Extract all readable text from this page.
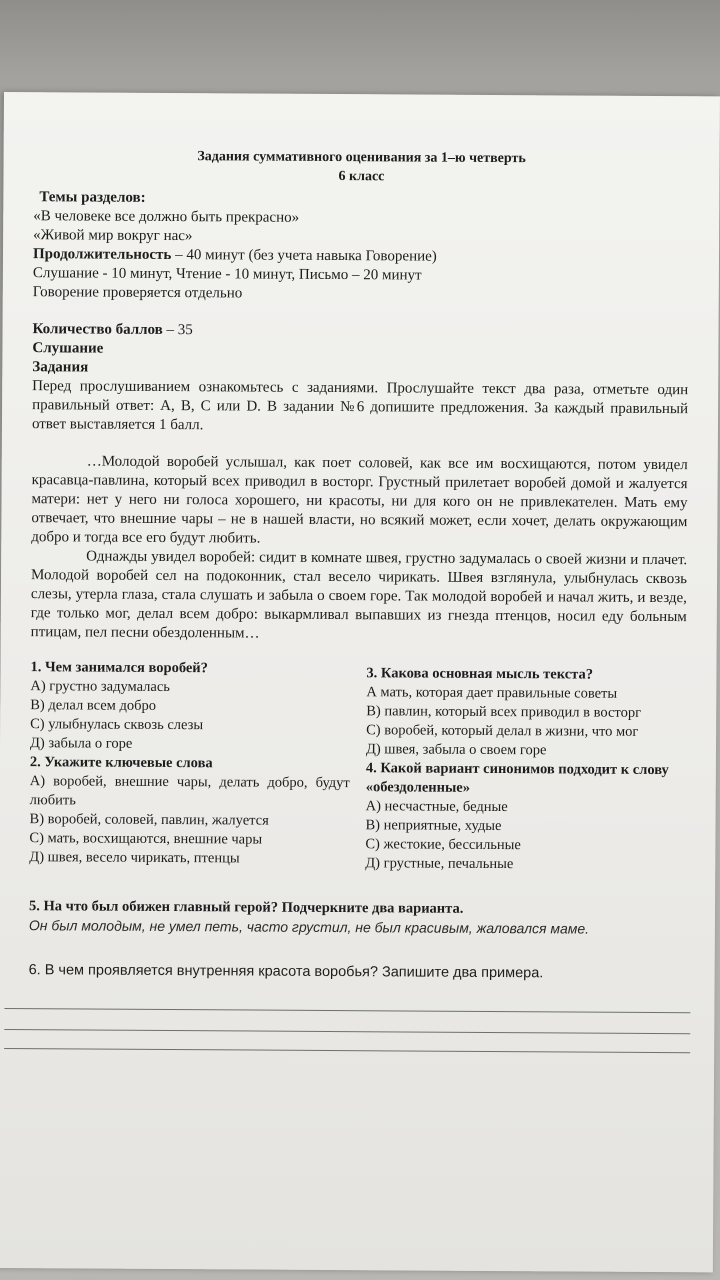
Задания суммативного оценивания за 1–ю четверть
6 класс

Темы разделов:

«В человеке все должно быть прекрасно»

«Живой мир вокруг нас»

Продолжительность – 40 минут (без учета навыка Говорение)

Слушание - 10 минут, Чтение - 10 минут, Письмо – 20 минут

Говорение проверяется отдельно

Количество баллов – 35

Слушание

Задания

Перед прослушиванием ознакомьтесь с заданиями. Прослушайте текст два раза, отметьте один правильный ответ: A, B, C или D. В задании №6 допишите предложения. За каждый правильный ответ выставляется 1 балл.

…Молодой воробей услышал, как поет соловей, как все им восхищаются, потом увидел красавца-павлина, который всех приводил в восторг. Грустный прилетает воробей домой и жалуется матери: нет у него ни голоса хорошего, ни красоты, ни для кого он не привлекателен. Мать ему отвечает, что внешние чары – не в нашей власти, но всякий может, если хочет, делать окружающим добро и тогда все его будут любить.

Однажды увидел воробей: сидит в комнате швея, грустно задумалась о своей жизни и плачет. Молодой воробей сел на подоконник, стал весело чирикать. Швея взглянула, улыбнулась сквозь слезы, утерла глаза, стала слушать и забыла о своем горе. Так молодой воробей и начал жить, и везде, где только мог, делал всем добро: выкармливал выпавших из гнезда птенцов, носил еду больным птицам, пел песни обездоленным…

1. Чем занимался воробей?

А) грустно задумалась

В) делал всем добро

С) улыбнулась сквозь слезы

Д) забыла о горе

2. Укажите ключевые слова

А) воробей, внешние чары, делать добро, будут любить

В) воробей, соловей, павлин, жалуется

С) мать, восхищаются, внешние чары

Д) швея, весело чирикать, птенцы

3. Какова основная мысль текста?

А мать, которая дает правильные советы

В) павлин, который всех приводил в восторг

С) воробей, который делал в жизни, что мог

Д) швея, забыла о своем горе

4. Какой вариант синонимов подходит к слову «обездоленные»

А) несчастные, бедные

В) неприятные, худые

С) жестокие, бессильные

Д) грустные, печальные

5. На что был обижен главный герой? Подчеркните два варианта.

Он был молодым, не умел петь, часто грустил, не был красивым, жаловался маме.

6. В чем проявляется внутренняя красота воробья? Запишите два примера.
